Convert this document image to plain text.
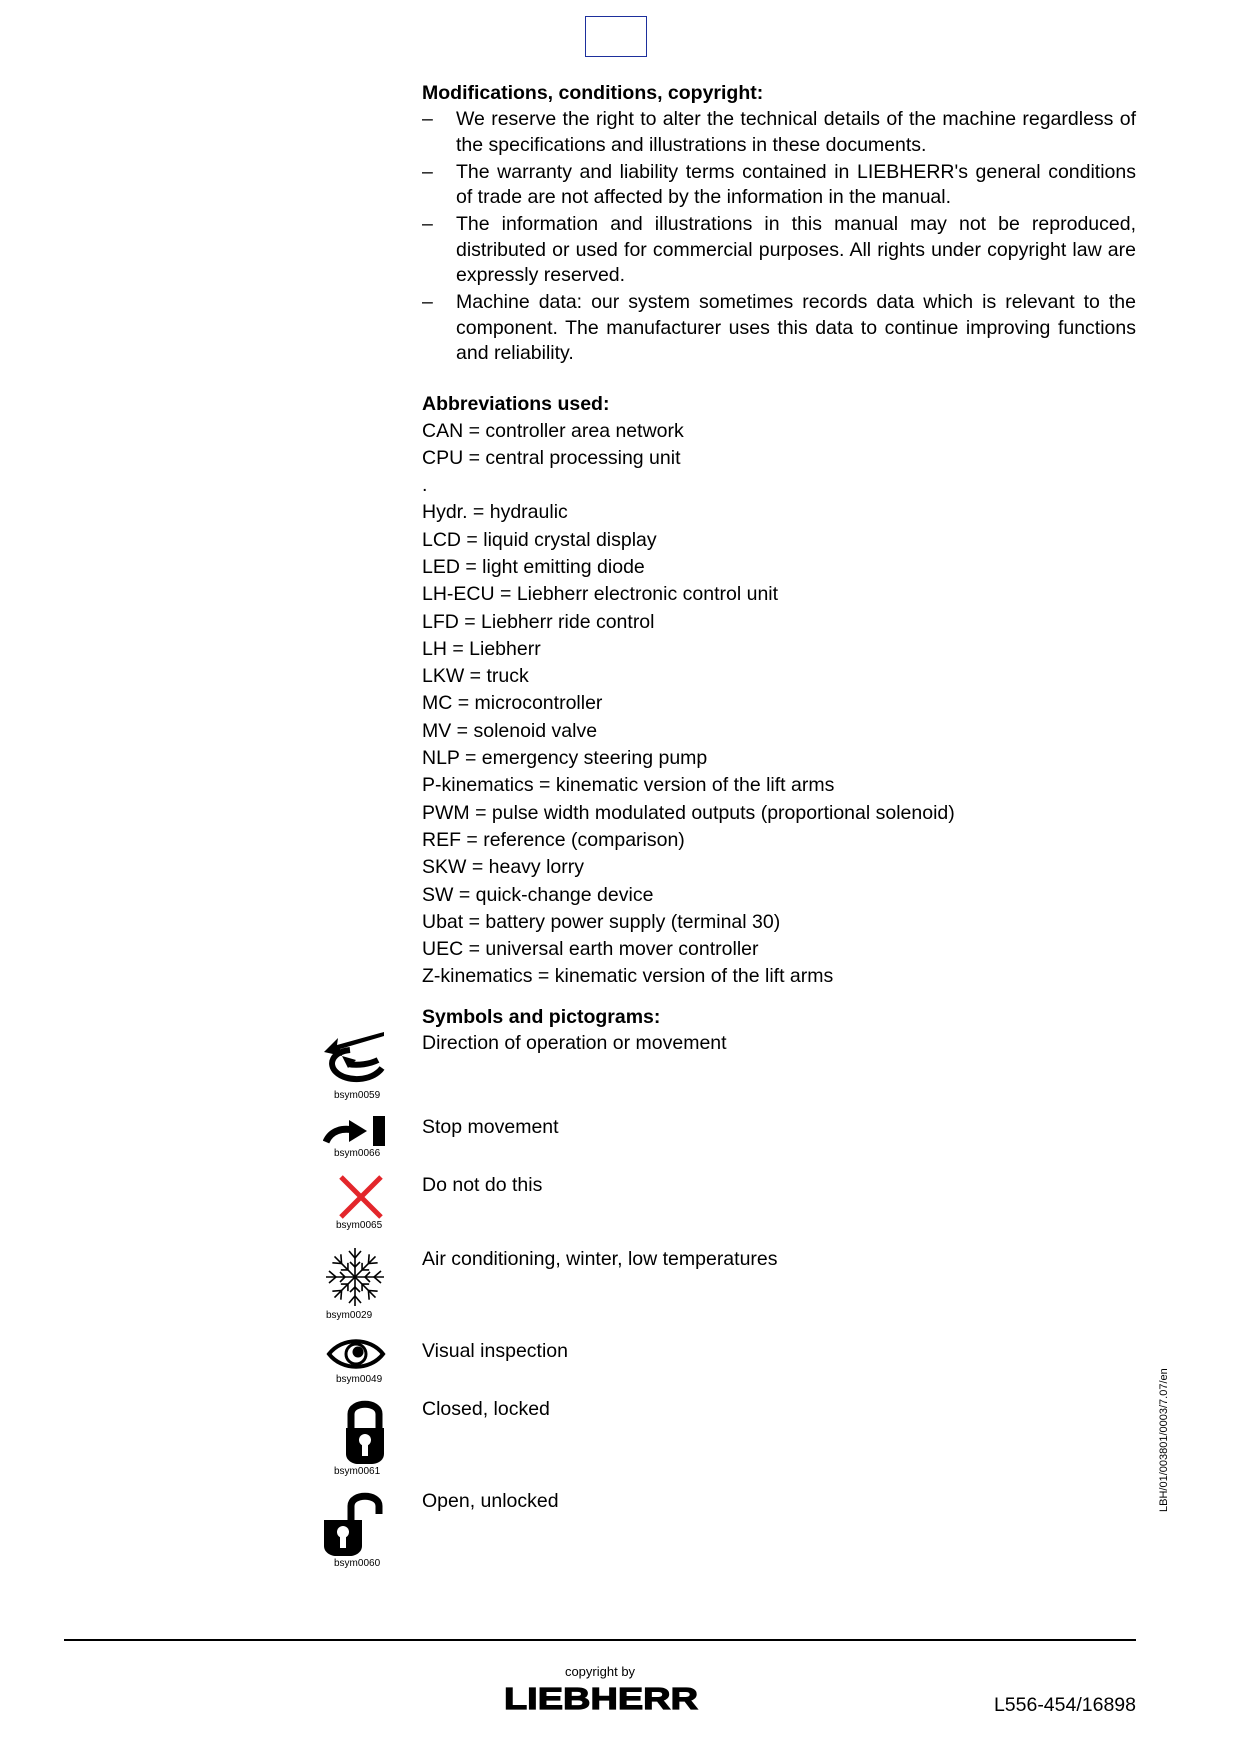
Modifications, conditions, copyright:

– We reserve the right to alter the technical details of the machine regardless of the specifications and illustrations in these documents.
– The warranty and liability terms contained in LIEBHERR's general conditions of trade are not affected by the information in the manual.
– The information and illustrations in this manual may not be reproduced, distributed or used for commercial purposes. All rights under copyright law are expressly reserved.
– Machine data: our system sometimes records data which is relevant to the component. The manufacturer uses this data to continue improving functions and reliability.

Abbreviations used:

CAN = controller area network

CPU = central processing unit

.

Hydr. = hydraulic

LCD = liquid crystal display

LED = light emitting diode

LH-ECU = Liebherr electronic control unit

LFD = Liebherr ride control

LH = Liebherr

LKW = truck

MC = microcontroller

MV = solenoid valve

NLP = emergency steering pump

P-kinematics = kinematic version of the lift arms

PWM = pulse width modulated outputs (proportional solenoid)

REF = reference (comparison)

SKW = heavy lorry

SW = quick-change device

Ubat = battery power supply (terminal 30)

UEC = universal earth mover controller

Z-kinematics = kinematic version of the lift arms

Symbols and pictograms:

Direction of operation or movement
bsym0059
Stop movement
bsym0066
Do not do this
bsym0065
Air conditioning, winter, low temperatures
bsym0029
Visual inspection
bsym0049
Closed, locked
bsym0061
Open, unlocked
bsym0060
LBH/01/003801/0003/7.07/en
copyright by
LIEBHERR	L556-454/16898
